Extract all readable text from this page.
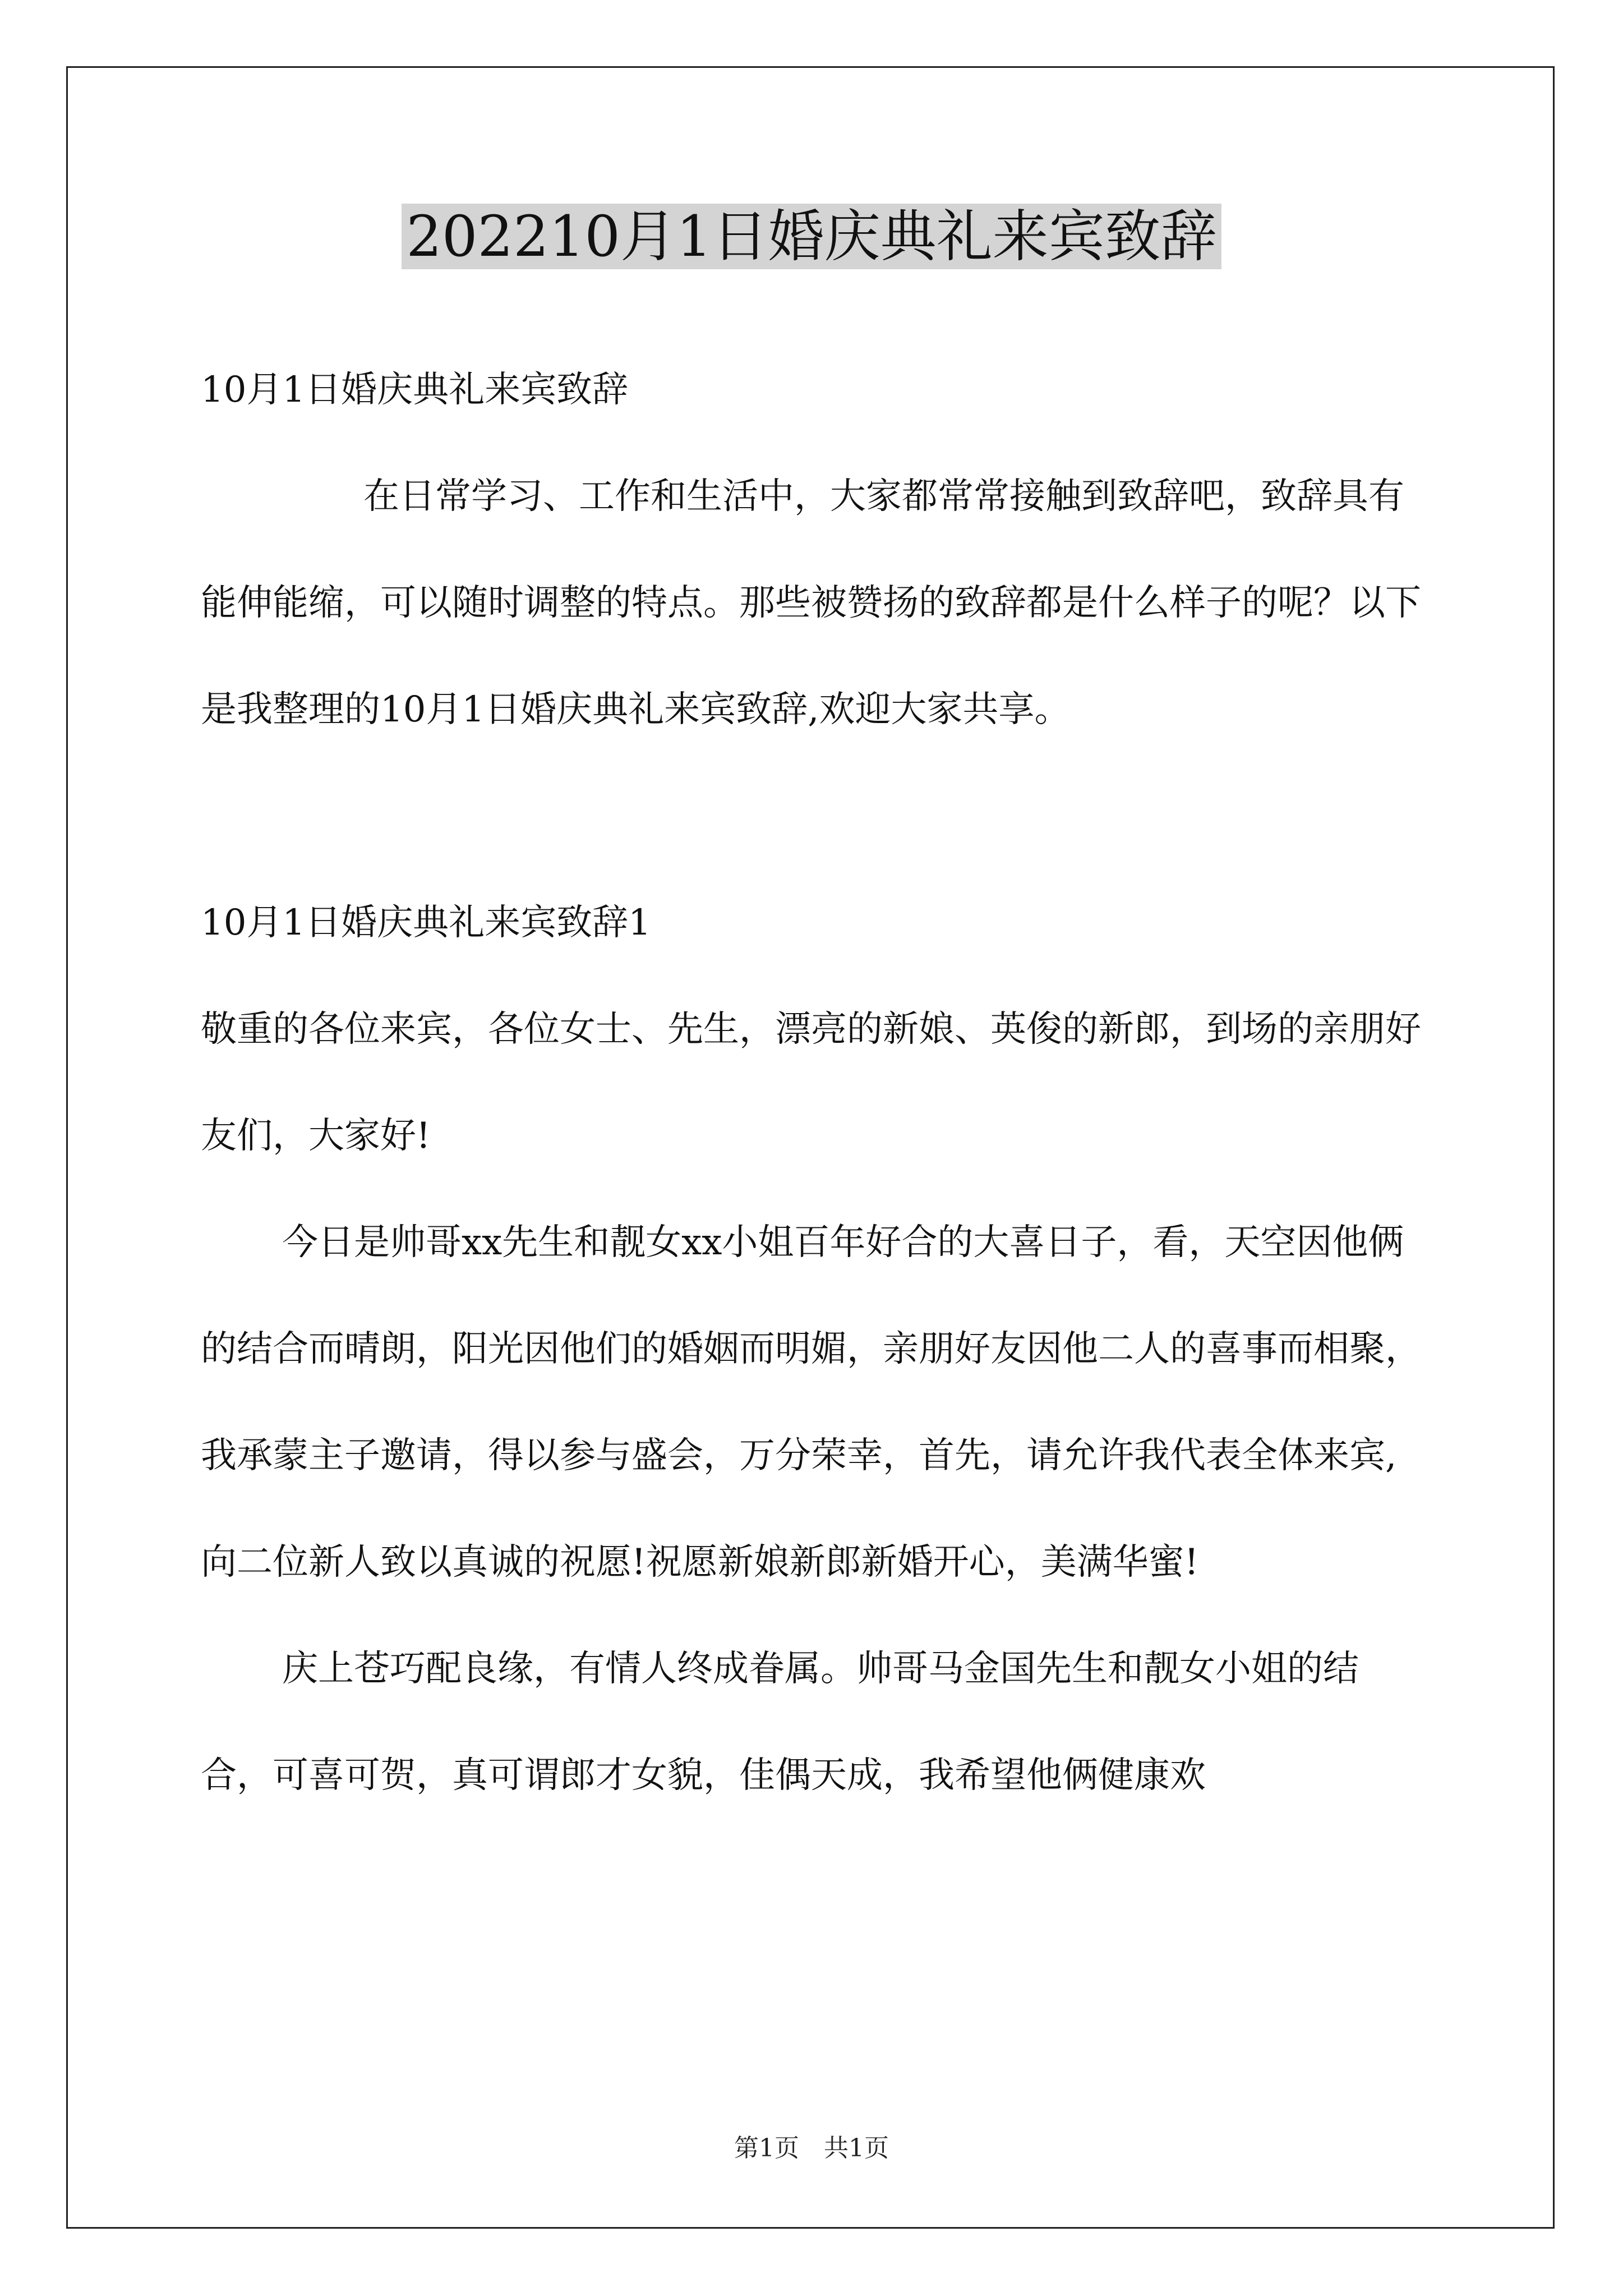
202210月1日婚庆典礼来宾致辞

10月1日婚庆典礼来宾致辞

在日常学习、工作和生活中，大家都常常接触到致辞吧，致辞具有能伸能缩，可以随时调整的特点。那些被赞扬的致辞都是什么样子的呢？以下是我整理的10月1日婚庆典礼来宾致辞,欢迎大家共享。

10月1日婚庆典礼来宾致辞1

敬重的各位来宾，各位女士、先生，漂亮的新娘、英俊的新郎，到场的亲朋好友们，大家好!

今日是帅哥xx先生和靓女xx小姐百年好合的大喜日子，看，天空因他俩的结合而晴朗，阳光因他们的婚姻而明媚，亲朋好友因他二人的喜事而相聚，我承蒙主子邀请，得以参与盛会，万分荣幸，首先，请允许我代表全体来宾,向二位新人致以真诚的祝愿!祝愿新娘新郎新婚开心，美满华蜜!

庆上苍巧配良缘，有情人终成眷属。帅哥马金国先生和靓女小姐的结合，可喜可贺，真可谓郎才女貌，佳偶天成，我希望他俩健康欢

第1页　共1页
